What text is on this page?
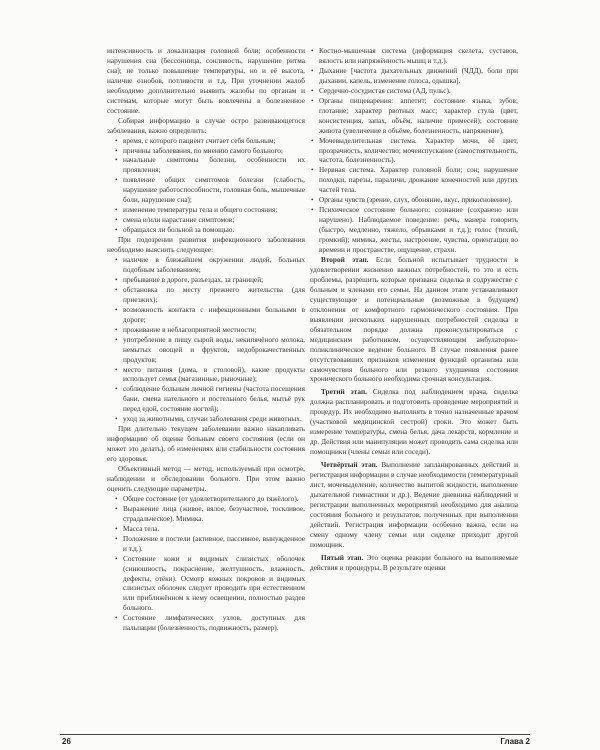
интенсивность и локализация головной боли; особенности нарушения сна (бессонница, сонливость, нарушение ритма сна); не только повышение температуры, но и её высота, наличие ознобов, потливости и т.д. При уточнении жалоб необходимо дополнительно выявить жалобы по органам и системам, которые могут быть вовлечены в болезненное состояние.

Собирая информацию в случае остро развивающегося заболевания, важно определить:

• время, с которого пациент считает себя больным;
• причины заболевания, по мнению самого больного;
• начальные симптомы болезни, особенности их проявления;
• появление общих симптомов болезни (слабость, нарушение работоспособности, головная боль, мышечные боли, нарушение сна);
• изменение температуры тела и общего состояния;
• смена и/или нарастание симптомов;
• обращался ли больной за помощью.

При подозрении развития инфекционного заболевания необходимо выяснить следующее:

• наличие в ближайшем окружении людей, больных подобным заболеванием;
• пребывание в дороге, разъездах, за границей;
• обстановка по месту прежнего жительства (для приезжих);
• возможность контакта с инфекционными больными в дороге;
• проживание в неблагоприятной местности;
• употребление в пищу сырой воды, некипячёного молока, немытых овощей и фруктов, недоброкачественных продуктов;
• место питания (дома, в столовой), какие продукты использует семья (магазинные, рыночные);
• соблюдение больным личной гигиены (частота посещения бани, смена нательного и постельного белья, мытьё рук перед едой, состояние ногтей);
• уход за животными, случаи заболевания среди животных.

При длительно текущем заболевании важно накапливать информацию об оценке больным своего состояния (если он может это делать), об изменениях или стабильности состояния его здоровья.

Объективный метод — метод, используемый при осмотре, наблюдении и обследовании больного. При этом важно оценить следующие параметры.

• Общее состояние (от удовлетворительного до тяжёлого).
• Выражение лица (живое, вялое, безучастное, тоскливое, страдальческое). Мимика.
• Масса тела.
• Положение в постели (активное, пассивное, вынужденное и т.д.).
• Состояние кожи и видимых слизистых оболочек (синюшность, покраснение, желтушность, влажность, дефекты, отёки). Осмотр кожных покровов и видимых слизистых оболочек следует проводить при естественном или приближённом к нему освещении, полностью раздев больного.
• Состояние лимфатических узлов, доступных для пальпации (болезненность, подвижность, размер).
• Костно-мышечная система (деформация скелета, суставов, вялость или напряжённость мышц и т.д.).
• Дыхание [частота дыхательных движений (ЧДД), боли при дыхании, капель, изменение голоса, одышка].
• Сердечно-сосудистая система (АД, пульс).
• Органы пищеварения: аппетит; состояние языка, зубов; глотание; характер рвотных масс; характер стула (цвет, консистенция, запах, объём, наличие примесей); состояние живота (увеличение в объёме, болезненность, напряжение).
• Мочевыделительная система. Характер мочи, её цвет, прозрачность, количество; мочеиспускание (самостоятельность, частота, болезненность).
• Нервная система. Характер головной боли; сон; нарушение походки, парезы, параличи, дрожание конечностей или других частей тела.
• Органы чувств (зрение, слух, обоняние, вкус, прикосновение).
• Психическое состояние больного: сознание (сохранено или нарушено). Наблюдаемое поведение: речь, манера говорить (быстро, медленно, тяжело, обрывками и т.д.); голос (тихий, громкий); мимика, жесты, настроение, чувства, ориентации во времени и пространстве, ощущение, страхи.

Второй этап. Если больной испытывает трудности в удовлетворении жизненно важных потребностей, то это и есть проблемы, разрешить которые призвана сиделка в содружестве с больным и членами его семьи. На данном этапе устанавливают существующие и потенциальные (возможные в будущем) отклонения от комфортного гармонического состояния. При выявлении нескольких нарушенных потребностей сиделка в обязательном порядке должна проконсультироваться с медицинским работником, осуществляющим амбулаторно-поликлиническое ведение больного. В случае появления ранее отсутствовавших признаков изменения функций организма или самочувствия больного или резкого ухудшения состояния хронического больного необходима срочная консультация.

Третий этап. Сиделка под наблюдением врача, сиделка должна распланировать и подготовить проведение мероприятий и процедур. Их необходимо выполнять в точно назначенные врачом (участковой медицинской сестрой) сроки. Это может быть измерение температуры, смена белья, дача лекарств, кормление и др. Действия или манипуляции может проводить сама сиделка или помощники (члены семьи или соседи).

Четвёртый этап. Выполнение запланированных действий и регистрация информации в случае необходимости (температурный лист, мочевыделение, количество выпитой жидкости, выполнение дыхательной гимнастики и др.). Ведение дневника наблюдений и регистрации выполненных мероприятий необходимо для анализа состояния больного и результатов, полученных при выполнении действий. Регистрация информации особенно важна, если на смену одному члену семьи или сиделке приходит другой помощник.

Пятый этап. Это оценка реакции больного на выполняемые действия и процедуры. В результате оценки

26	Глава 2
